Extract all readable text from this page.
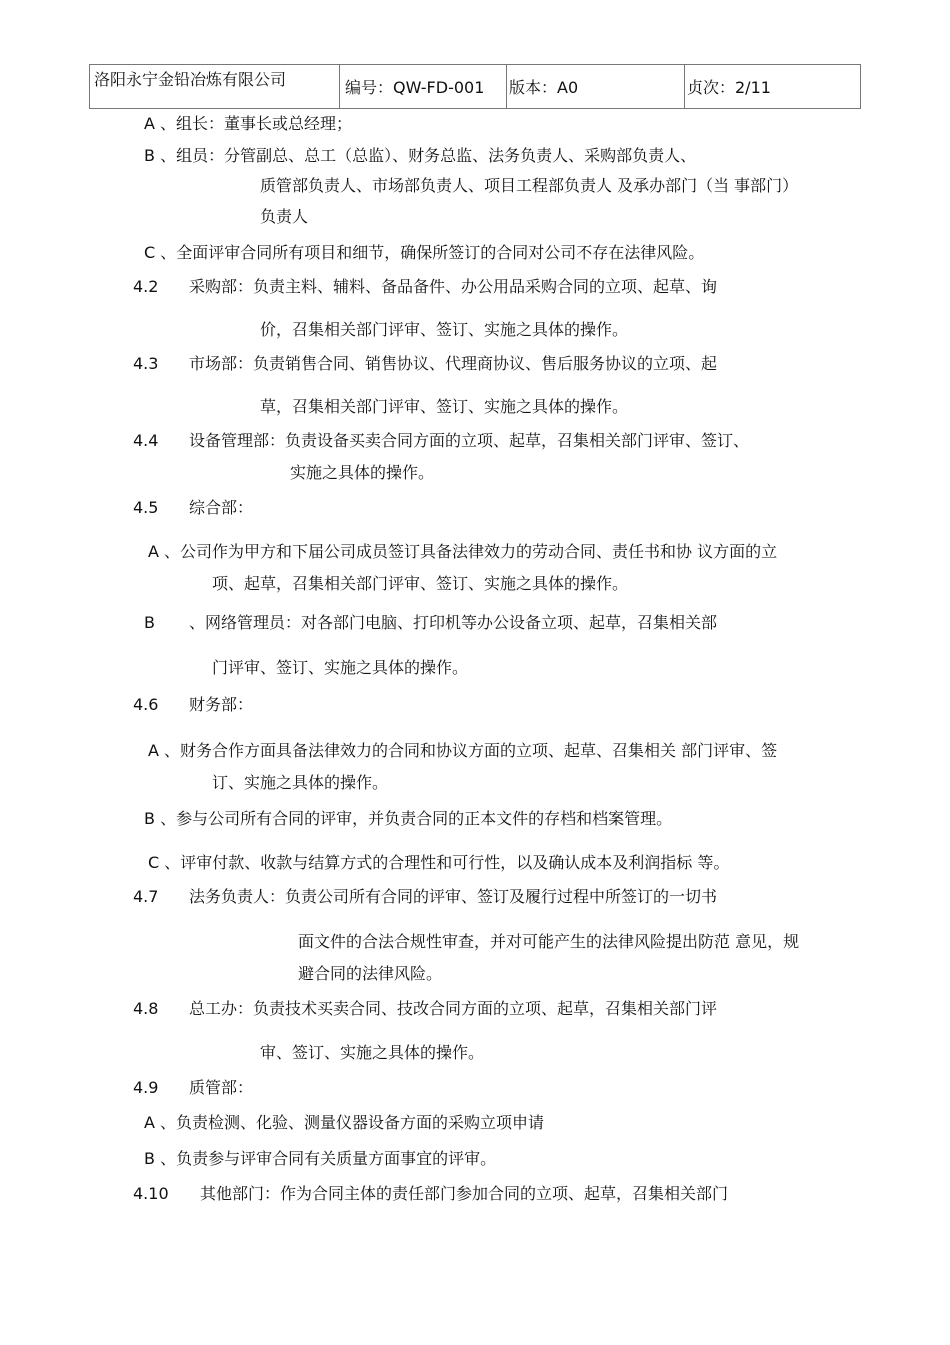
洛阳永宁金铅冶炼有限公司	编号：QW-FD-001	版本：A0	贞次：2/11
A 、组长：董事长或总经理；
B 、组员：分管副总、总工（总监）、财务总监、法务负责人、采购部负责人、
质管部负责人、市场部负责人、项目工程部负责人 及承办部门（当 事部门）
负责人
C 、全面评审合同所有项目和细节，确保所签订的合同对公司不存在法律风险。
4.2 采购部：负责主料、辅料、备品备件、办公用品采购合同的立项、起草、询
价，召集相关部门评审、签订、实施之具体的操作。
4.3 市场部：负责销售合同、销售协议、代理商协议、售后服务协议的立项、起
草，召集相关部门评审、签订、实施之具体的操作。
4.4 设备管理部：负责设备买卖合同方面的立项、起草，召集相关部门评审、签订、
实施之具体的操作。
4.5 综合部：
A 、公司作为甲方和下届公司成员签订具备法律效力的劳动合同、责任书和协 议方面的立
项、起草，召集相关部门评审、签订、实施之具体的操作。
B 、网络管理员：对各部门电脑、打印机等办公设备立项、起草，召集相关部
门评审、签订、实施之具体的操作。
4.6 财务部：
A 、财务合作方面具备法律效力的合同和协议方面的立项、起草、召集相关 部门评审、签
订、实施之具体的操作。
B 、参与公司所有合同的评审，并负责合同的正本文件的存档和档案管理。
C 、评审付款、收款与结算方式的合理性和可行性，以及确认成本及利润指标 等。
4.7 法务负责人：负责公司所有合同的评审、签订及履行过程中所签订的一切书
面文件的合法合规性审查，并对可能产生的法律风险提出防范 意见，规
避合同的法律风险。
4.8 总工办：负责技术买卖合同、技改合同方面的立项、起草，召集相关部门评
审、签订、实施之具体的操作。
4.9 质管部：
A 、负责检测、化验、测量仪器设备方面的采购立项申请
B 、负责参与评审合同有关质量方面事宜的评审。
4.10 其他部门：作为合同主体的责任部门参加合同的立项、起草，召集相关部门
